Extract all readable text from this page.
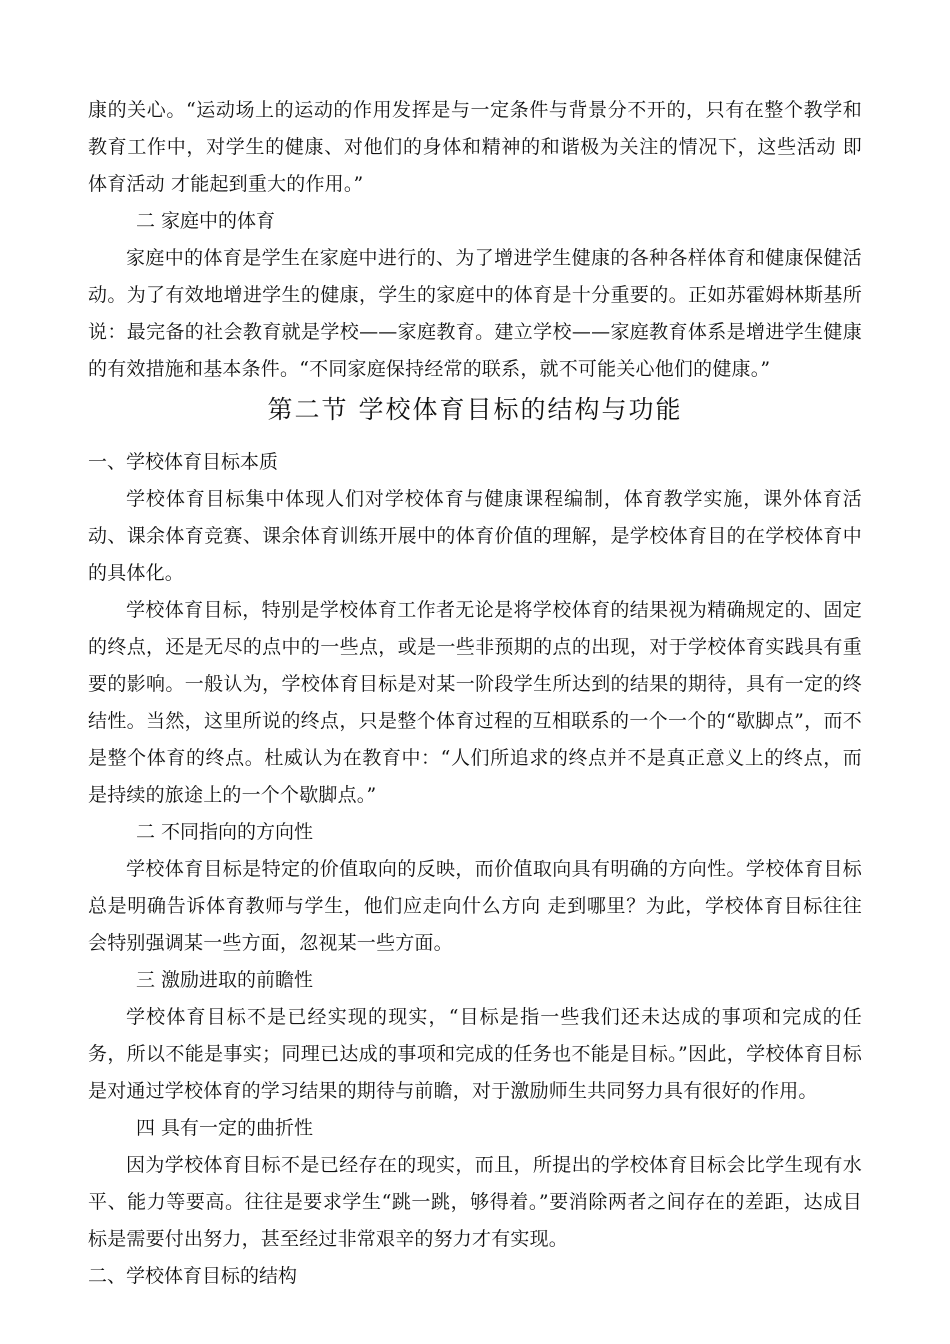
康的关心。“运动场上的运动的作用发挥是与一定条件与背景分不开的，只有在整个教学和教育工作中，对学生的健康、对他们的身体和精神的和谐极为关注的情况下，这些活动 即体育活动 才能起到重大的作用。”

二 家庭中的体育

家庭中的体育是学生在家庭中进行的、为了增进学生健康的各种各样体育和健康保健活动。为了有效地增进学生的健康，学生的家庭中的体育是十分重要的。正如苏霍姆林斯基所说：最完备的社会教育就是学校——家庭教育。建立学校——家庭教育体系是增进学生健康的有效措施和基本条件。“不同家庭保持经常的联系，就不可能关心他们的健康。”

第二节 学校体育目标的结构与功能

一、学校体育目标本质

学校体育目标集中体现人们对学校体育与健康课程编制，体育教学实施，课外体育活动、课余体育竞赛、课余体育训练开展中的体育价值的理解，是学校体育目的在学校体育中的具体化。

学校体育目标，特别是学校体育工作者无论是将学校体育的结果视为精确规定的、固定的终点，还是无尽的点中的一些点，或是一些非预期的点的出现，对于学校体育实践具有重要的影响。一般认为，学校体育目标是对某一阶段学生所达到的结果的期待，具有一定的终结性。当然，这里所说的终点，只是整个体育过程的互相联系的一个一个的“歇脚点”，而不是整个体育的终点。杜威认为在教育中：“人们所追求的终点并不是真正意义上的终点，而是持续的旅途上的一个个歇脚点。”

二 不同指向的方向性

学校体育目标是特定的价值取向的反映，而价值取向具有明确的方向性。学校体育目标总是明确告诉体育教师与学生，他们应走向什么方向 走到哪里？为此，学校体育目标往往会特别强调某一些方面，忽视某一些方面。

三 激励进取的前瞻性

学校体育目标不是已经实现的现实，“目标是指一些我们还未达成的事项和完成的任务，所以不能是事实；同理已达成的事项和完成的任务也不能是目标。”因此，学校体育目标是对通过学校体育的学习结果的期待与前瞻，对于激励师生共同努力具有很好的作用。

四 具有一定的曲折性

因为学校体育目标不是已经存在的现实，而且，所提出的学校体育目标会比学生现有水平、能力等要高。往往是要求学生“跳一跳，够得着。”要消除两者之间存在的差距，达成目标是需要付出努力，甚至经过非常艰辛的努力才有实现。

二、学校体育目标的结构
